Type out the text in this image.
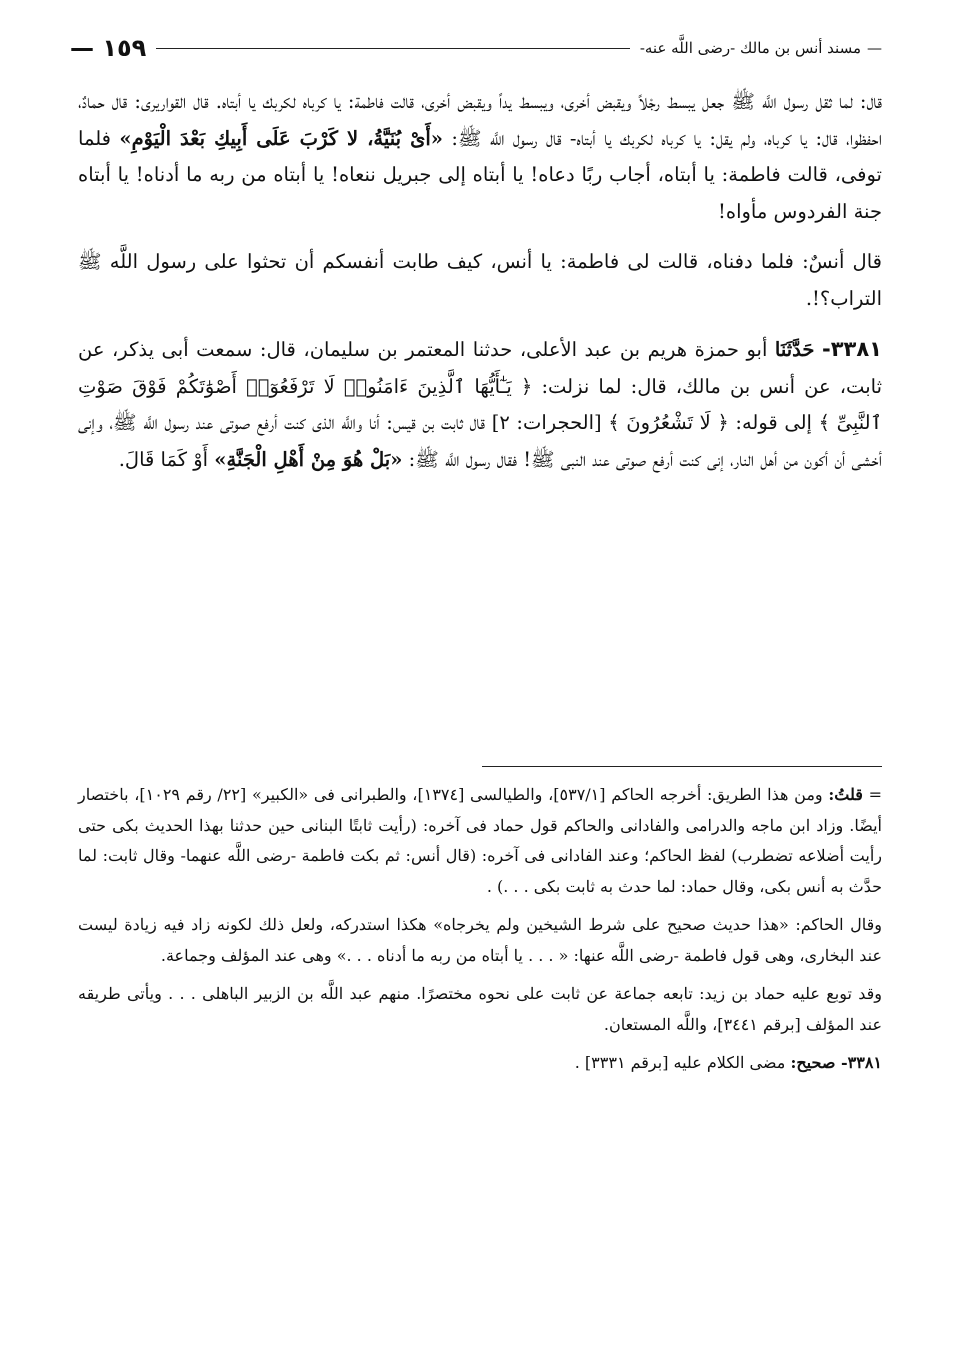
—مسند أنس بن مالك -رضى اللَّه عنه-
١٥٩ —

قال: لما ثقل رسول اللَّه ﷺ جعل يبسط رجْلاً ويقبض أخرى، ويبسط يداً ويقبض أخرى، قالت فاطمة: يا كرباه لكربك يا أبتاه. قال القواريرى: قال حمادٌ، احفظوا، قال: يا كرباه، ولم يقل: يا كرباه لكربك يا أبتاه- قال رسول اللَّه ﷺ: «أَىْ بُنَيَّةُ، لا كَرْبَ عَلَى أَبِيكِ بَعْدَ الْيَوْمِ» فلما توفى، قالت فاطمة: يا أبتاه، أجاب ربًا دعاه! يا أبتاه إلى جبريل ننعاه! يا أبتاه من ربه ما أدناه! يا أبتاه جنة الفردوس مأواه!

قال أنسٌ: فلما دفناه، قالت لى فاطمة: يا أنس، كيف طابت أنفسكم أن تحثوا على رسول اللَّه ﷺ التراب؟!.

٣٣٨١- حَدَّثَنَا أبو حمزة هريم بن عبد الأعلى، حدثنا المعتمر بن سليمان، قال: سمعت أبى يذكر، عن ثابت، عن أنس بن مالك، قال: لما نزلت: ﴿ يَـٰٓأَيُّهَا ٱلَّذِينَ ءَامَنُوا۟ لَا تَرْفَعُوٓا۟ أَصْوَٰتَكُمْ فَوْقَ صَوْتِ ٱلنَّبِىِّ ﴾ إلى قوله: ﴿ لَا تَشْعُرُونَ ﴾ [الحجرات: ٢] قال ثابت بن قيس: أنا واللَّه الذى كنت أرفع صوتى عند رسول اللَّه ﷺ، وإنى أخشى أن أكون من أهل النار، إنى كنت أرفع صوتى عند النبى ﷺ! فقال رسول اللَّه ﷺ: «بَلْ هُوَ مِنْ أَهْلِ الْجَنَّةِ» أَوْ كَمَا قَالَ.

= قلتُ: ومن هذا الطريق: أخرجه الحاكم [٥٣٧/١]، والطيالسى [١٣٧٤]، والطبرانى فى «الكبير» [٢٢/ رقم ١٠٢٩]، باختصار أيضًا. وزاد ابن ماجه والدرامى والفادانى والحاكم قول حماد فى آخره: (رأيت ثابتًا البنانى حين حدثنا بهذا الحديث بكى حتى رأيت أضلاعه تضطرب) لفظ الحاكم؛ وعند الفادانى فى آخره: (قال أنس: ثم بكت فاطمة -رضى اللَّه عنهما- وقال ثابت: لما حدَّث به أنس بكى، وقال حماد: لما حدث به ثابت بكى . . .) .

وقال الحاكم: «هذا حديث صحيح على شرط الشيخين ولم يخرجاه» هكذا استدركه، ولعل ذلك لكونه زاد فيه زيادة ليست عند البخارى، وهى قول فاطمة -رضى اللَّه عنها: « . . . يا أبتاه من ربه ما أدناه . . .» وهى عند المؤلف وجماعة.

وقد توبع عليه حماد بن زيد: تابعه جماعة عن ثابت على نحوه مختصرًا. منهم عبد اللَّه بن الزبير الباهلى . . . ويأتى طريقه عند المؤلف [برقم ٣٤٤١]، واللَّه المستعان.

٣٣٨١- صحيح: مضى الكلام عليه [برقم ٣٣٣١] .
